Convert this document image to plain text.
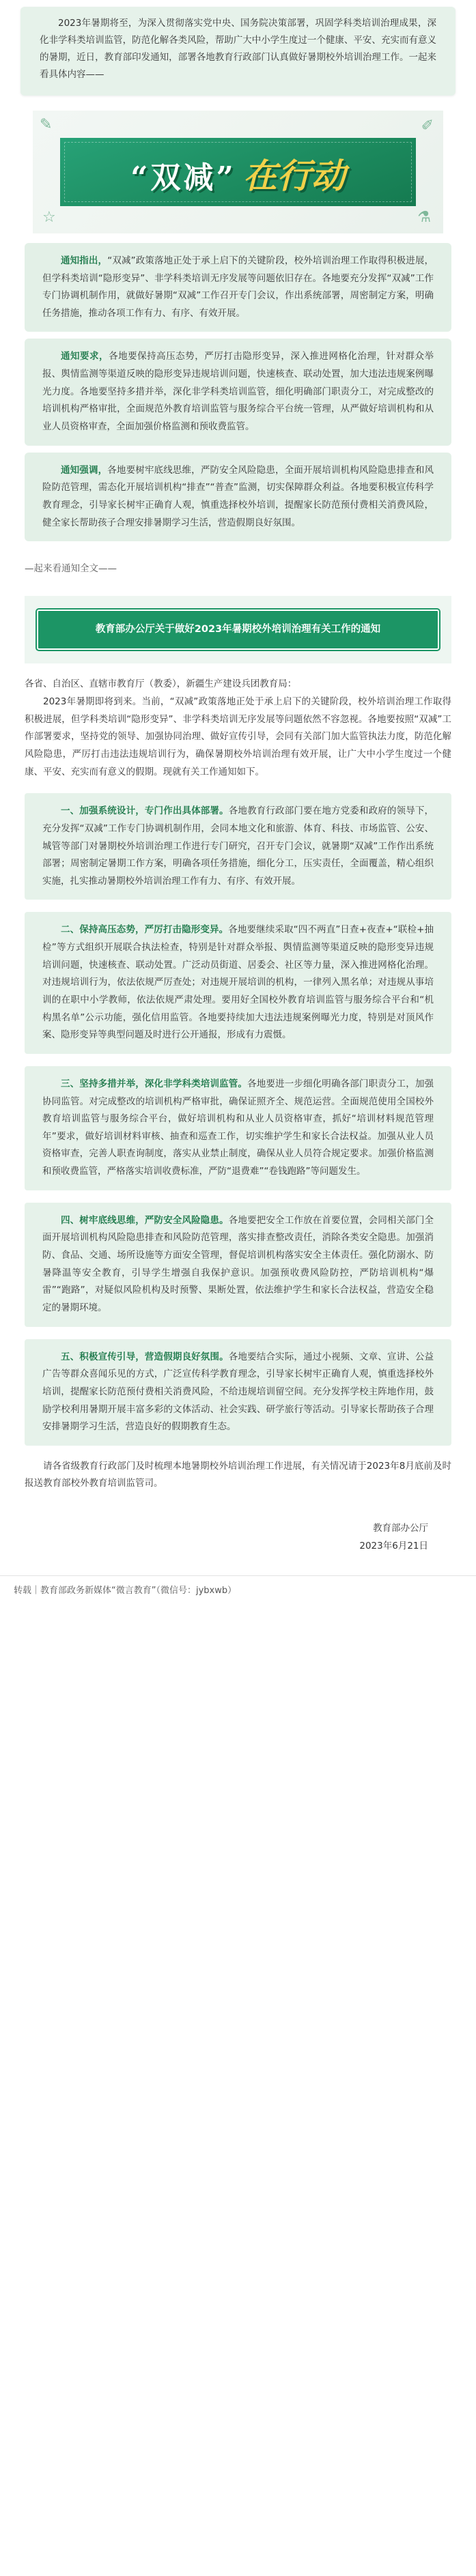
2023年暑期将至，为深入贯彻落实党中央、国务院决策部署，巩固学科类培训治理成果，深化非学科类培训监管，防范化解各类风险，帮助广大中小学生度过一个健康、平安、充实而有意义的暑期，近日，教育部印发通知，部署各地教育行政部门认真做好暑期校外培训治理工作。一起来看具体内容——

✎	✐
☆	⚗
“双减” 在行动

通知指出，“双减”政策落地正处于承上启下的关键阶段，校外培训治理工作取得积极进展，但学科类培训“隐形变异”、非学科类培训无序发展等问题依旧存在。各地要充分发挥“双减”工作专门协调机制作用，就做好暑期“双减”工作召开专门会议，作出系统部署，周密制定方案，明确任务措施，推动各项工作有力、有序、有效开展。

通知要求，各地要保持高压态势，严厉打击隐形变异，深入推进网格化治理，针对群众举报、舆情监测等渠道反映的隐形变异违规培训问题，快速核查、联动处置，加大违法违规案例曝光力度。各地要坚持多措并举，深化非学科类培训监管，细化明确部门职责分工，对完成整改的培训机构严格审批，全面规范外教育培训监管与服务综合平台统一管理，从严做好培训机构和从业人员资格审查，全面加强价格监测和预收费监管。

通知强调，各地要树牢底线思维，严防安全风险隐患，全面开展培训机构风险隐患排查和风险防范管理，需态化开展培训机构“排查”“普查”监测，切实保障群众利益。各地要积极宣传科学教育理念，引导家长树牢正确育人观，慎重选择校外培训，提醒家长防范预付费相关消费风险，健全家长帮助孩子合理安排暑期学习生活，营造假期良好氛围。

—起来看通知全文——
教育部办公厅关于做好2023年暑期校外培训治理有关工作的通知

各省、自治区、直辖市教育厅（教委），新疆生产建设兵团教育局：

2023年暑期即将到来。当前，“双减”政策落地正处于承上启下的关键阶段，校外培训治理工作取得积极进展，但学科类培训“隐形变异”、非学科类培训无序发展等问题依然不容忽视。各地要按照“双减”工作部署要求，坚持党的领导、加强协同治理、做好宣传引导，会同有关部门加大监管执法力度，防范化解风险隐患，严厉打击违法违规培训行为，确保暑期校外培训治理有效开展，让广大中小学生度过一个健康、平安、充实而有意义的假期。现就有关工作通知如下。

一、加强系统设计，专门作出具体部署。各地教育行政部门要在地方党委和政府的领导下，充分发挥“双减”工作专门协调机制作用，会同本地文化和旅游、体育、科技、市场监管、公安、城管等部门对暑期校外培训治理工作进行专门研究，召开专门会议，就暑期“双减”工作作出系统部署；周密制定暑期工作方案，明确各项任务措施，细化分工，压实责任，全面覆盖，精心组织实施，扎实推动暑期校外培训治理工作有力、有序、有效开展。

二、保持高压态势，严厉打击隐形变异。各地要继续采取“四不两直”日查+夜查+“联检+抽检”等方式组织开展联合执法检查，特别是针对群众举报、舆情监测等渠道反映的隐形变异违规培训问题，快速核查、联动处置。广泛动员街道、居委会、社区等力量，深入推进网格化治理。对违规培训行为，依法依规严厉查处；对违规开展培训的机构，一律列入黑名单；对违规从事培训的在职中小学教师，依法依规严肃处理。要用好全国校外教育培训监管与服务综合平台和“机构黑名单”公示功能，强化信用监管。各地要持续加大违法违规案例曝光力度，特别是对顶风作案、隐形变异等典型问题及时进行公开通报，形成有力震慑。

三、坚持多措并举，深化非学科类培训监管。各地要进一步细化明确各部门职责分工，加强协同监管。对完成整改的培训机构严格审批，确保证照齐全、规范运营。全面规范使用全国校外教育培训监管与服务综合平台，做好培训机构和从业人员资格审查，抓好“培训材料规范管理年”要求，做好培训材料审核、抽查和巡查工作，切实维护学生和家长合法权益。加强从业人员资格审查，完善人职查询制度，落实从业禁止制度，确保从业人员符合规定要求。加强价格监测和预收费监管，严格落实培训收费标准，严防“退费难”“卷钱跑路”等问题发生。

四、树牢底线思维，严防安全风险隐患。各地要把安全工作放在首要位置，会同相关部门全面开展培训机构风险隐患排查和风险防范管理，落实排查整改责任，消除各类安全隐患。加强消防、食品、交通、场所设施等方面安全管理，督促培训机构落实安全主体责任。强化防溺水、防暑降温等安全教育，引导学生增强自我保护意识。加强预收费风险防控，严防培训机构“爆雷”“跑路”，对疑似风险机构及时预警、果断处置，依法维护学生和家长合法权益，营造安全稳定的暑期环境。

五、积极宣传引导，营造假期良好氛围。各地要结合实际，通过小视频、文章、宣讲、公益广告等群众喜闻乐见的方式，广泛宣传科学教育理念，引导家长树牢正确育人观，慎重选择校外培训，提醒家长防范预付费相关消费风险，不给违规培训留空间。充分发挥学校主阵地作用，鼓励学校利用暑期开展丰富多彩的文体活动、社会实践、研学旅行等活动。引导家长帮助孩子合理安排暑期学习生活，营造良好的假期教育生态。

请各省级教育行政部门及时梳理本地暑期校外培训治理工作进展，有关情况请于2023年8月底前及时报送教育部校外教育培训监管司。

教育部办公厅
2023年6月21日
转载｜教育部政务新媒体“微言教育”（微信号：jybxwb）
